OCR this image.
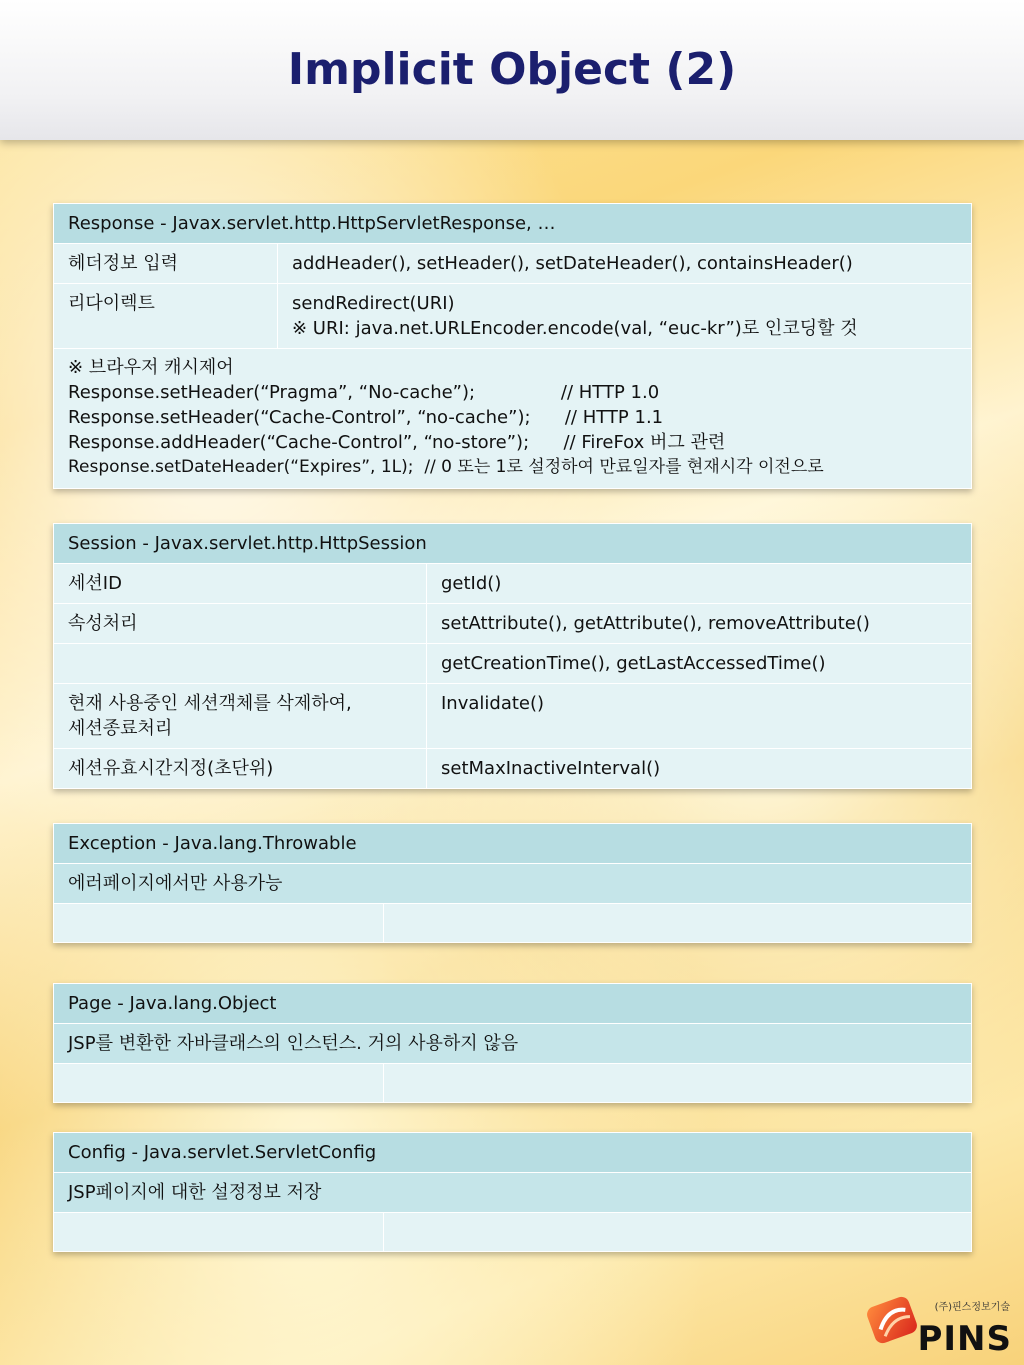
Implicit Object (2)
Response - Javax.servlet.http.HttpServletResponse, …	
헤더정보 입력	addHeader(), setHeader(), setDateHeader(), containsHeader()
리다이렉트	sendRedirect(URI)
※ URI: java.net.URLEncoder.encode(val, “euc-kr”)로 인코딩할 것

※ 브라우저 캐시제어
Response.setHeader(“Pragma”, “No-cache”);               // HTTP 1.0
Response.setHeader(“Cache-Control”, “no-cache”);      // HTTP 1.1
Response.addHeader(“Cache-Control”, “no-store”);      // FireFox 버그 관련
Response.setDateHeader(“Expires”, 1L);  // 0 또는 1로 설정하여 만료일자를 현재시각 이전으로	
Session - Javax.servlet.http.HttpSession	
세션ID	getId()
속성처리	setAttribute(), getAttribute(), removeAttribute()
	getCreationTime(), getLastAccessedTime()

현재 사용중인 세션객체를 삭제하여,
세션종료처리	Invalidate()
세션유효시간지정(초단위)	setMaxInactiveInterval()
Exception - Java.lang.Throwable
에러페이지에서만 사용가능

Page - Java.lang.Object
JSP를 변환한 자바클래스의 인스턴스. 거의 사용하지 않음

Config - Java.servlet.ServletConfig
JSP페이지에 대한 설정정보 저장

(주)핀스정보기술
PINS
